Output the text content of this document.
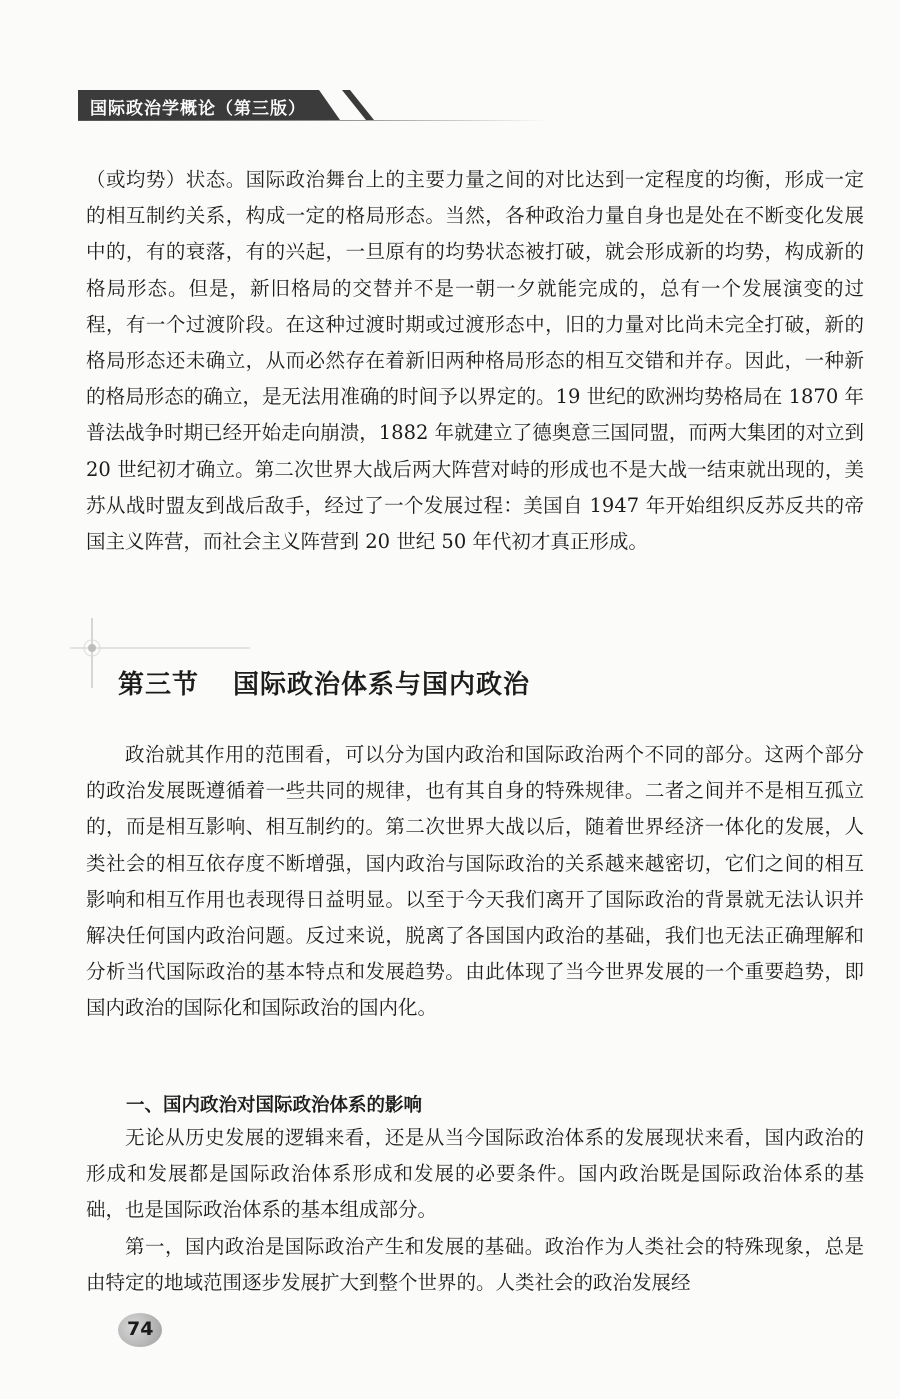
国际政治学概论（第三版）

（或均势）状态。国际政治舞台上的主要力量之间的对比达到一定程度的均衡，形成一定的相互制约关系，构成一定的格局形态。当然，各种政治力量自身也是处在不断变化发展中的，有的衰落，有的兴起，一旦原有的均势状态被打破，就会形成新的均势，构成新的格局形态。但是，新旧格局的交替并不是一朝一夕就能完成的，总有一个发展演变的过程，有一个过渡阶段。在这种过渡时期或过渡形态中，旧的力量对比尚未完全打破，新的格局形态还未确立，从而必然存在着新旧两种格局形态的相互交错和并存。因此，一种新的格局形态的确立，是无法用准确的时间予以界定的。19 世纪的欧洲均势格局在 1870 年普法战争时期已经开始走向崩溃，1882 年就建立了德奥意三国同盟，而两大集团的对立到 20 世纪初才确立。第二次世界大战后两大阵营对峙的形成也不是大战一结束就出现的，美苏从战时盟友到战后敌手，经过了一个发展过程：美国自 1947 年开始组织反苏反共的帝国主义阵营，而社会主义阵营到 20 世纪 50 年代初才真正形成。

第三节 国际政治体系与国内政治

政治就其作用的范围看，可以分为国内政治和国际政治两个不同的部分。这两个部分的政治发展既遵循着一些共同的规律，也有其自身的特殊规律。二者之间并不是相互孤立的，而是相互影响、相互制约的。第二次世界大战以后，随着世界经济一体化的发展，人类社会的相互依存度不断增强，国内政治与国际政治的关系越来越密切，它们之间的相互影响和相互作用也表现得日益明显。以至于今天我们离开了国际政治的背景就无法认识并解决任何国内政治问题。反过来说，脱离了各国国内政治的基础，我们也无法正确理解和分析当代国际政治的基本特点和发展趋势。由此体现了当今世界发展的一个重要趋势，即国内政治的国际化和国际政治的国内化。

一、国内政治对国际政治体系的影响

无论从历史发展的逻辑来看，还是从当今国际政治体系的发展现状来看，国内政治的形成和发展都是国际政治体系形成和发展的必要条件。国内政治既是国际政治体系的基础，也是国际政治体系的基本组成部分。

第一，国内政治是国际政治产生和发展的基础。政治作为人类社会的特殊现象，总是由特定的地域范围逐步发展扩大到整个世界的。人类社会的政治发展经

74
